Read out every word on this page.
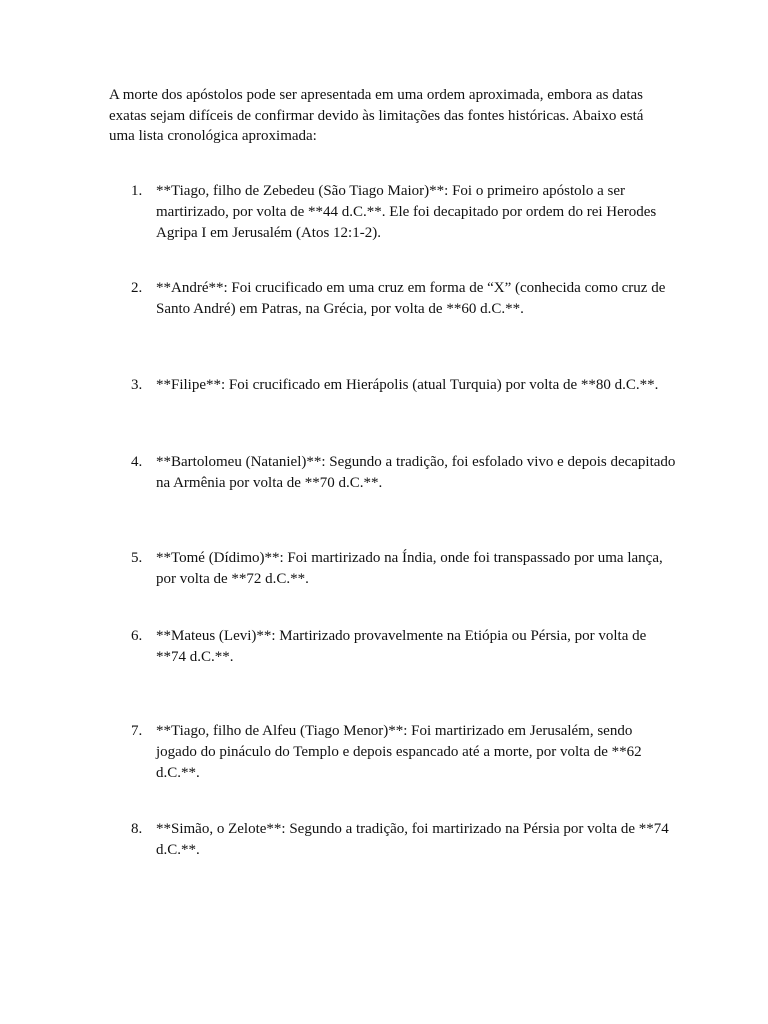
A morte dos apóstolos pode ser apresentada em uma ordem aproximada, embora as datas exatas sejam difíceis de confirmar devido às limitações das fontes históricas. Abaixo está uma lista cronológica aproximada:

1. **Tiago, filho de Zebedeu (São Tiago Maior)**: Foi o primeiro apóstolo a ser martirizado, por volta de **44 d.C.**. Ele foi decapitado por ordem do rei Herodes Agripa I em Jerusalém (Atos 12:1-2).
2. **André**: Foi crucificado em uma cruz em forma de “X” (conhecida como cruz de Santo André) em Patras, na Grécia, por volta de **60 d.C.**.
3. **Filipe**: Foi crucificado em Hierápolis (atual Turquia) por volta de **80 d.C.**.
4. **Bartolomeu (Nataniel)**: Segundo a tradição, foi esfolado vivo e depois decapitado na Armênia por volta de **70 d.C.**.
5. **Tomé (Dídimo)**: Foi martirizado na Índia, onde foi transpassado por uma lança, por volta de **72 d.C.**.
6. **Mateus (Levi)**: Martirizado provavelmente na Etiópia ou Pérsia, por volta de **74 d.C.**.
7. **Tiago, filho de Alfeu (Tiago Menor)**: Foi martirizado em Jerusalém, sendo jogado do pináculo do Templo e depois espancado até a morte, por volta de **62 d.C.**.
8. **Simão, o Zelote**: Segundo a tradição, foi martirizado na Pérsia por volta de **74 d.C.**.
